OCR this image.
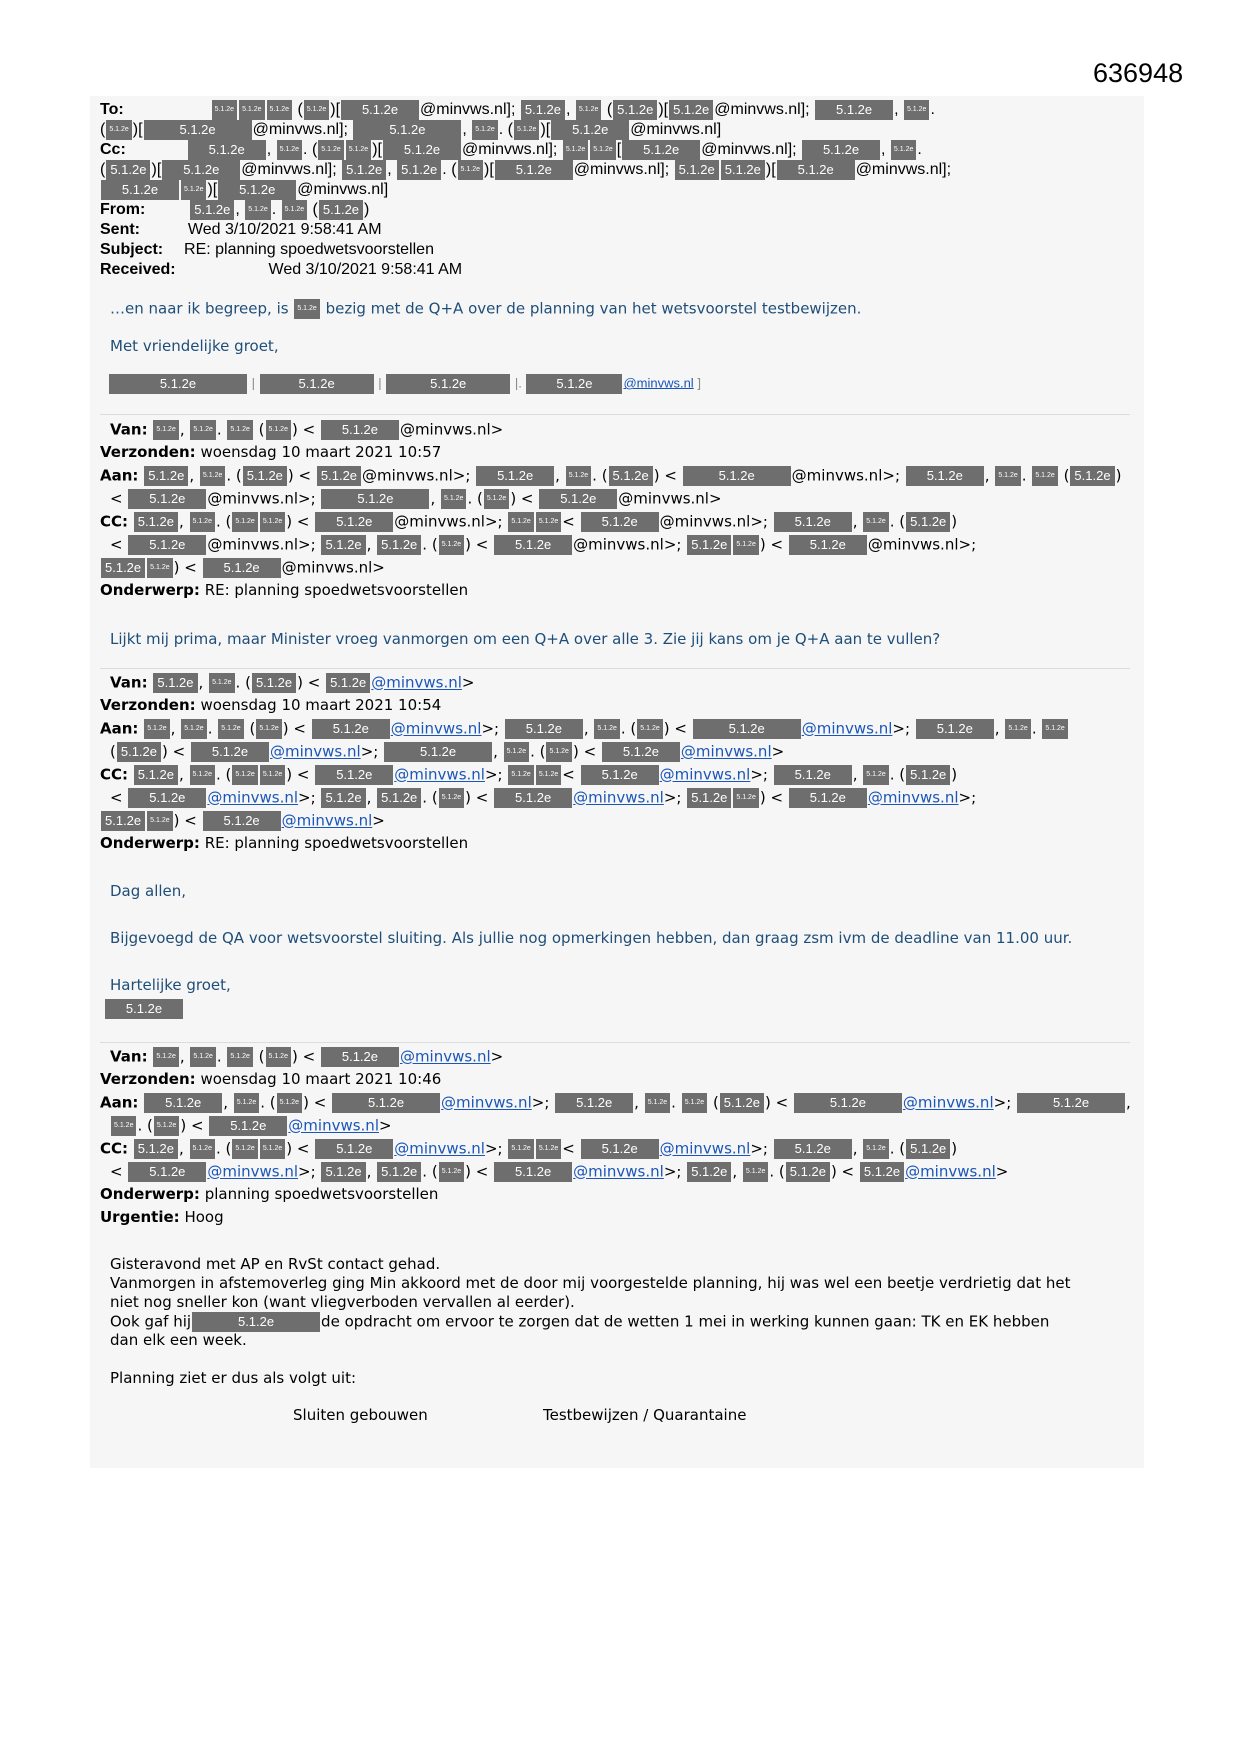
636948
To:	5.1.2e 5.1.2e 5.1.2e ( 5.1.2e )[ 5.1.2e @minvws.nl]; 5.1.2e , 5.1.2e ( 5.1.2e )[ 5.1.2e @minvws.nl]; 5.1.2e , 5.1.2e .
( 5.1.2e )[	5.1.2e @minvws.nl];	5.1.2e , 5.1.2e . ( 5.1.2e )[ 5.1.2e @minvws.nl]
Cc:	5.1.2e , 5.1.2e . ( 5.1.2e 5.1.2e )[ 5.1.2e @minvws.nl]; 5.1.2e 5.1.2e [ 5.1.2e @minvws.nl]; 5.1.2e , 5.1.2e .
( 5.1.2e )[ 5.1.2e @minvws.nl]; 5.1.2e , 5.1.2e . ( 5.1.2e )[ 5.1.2e @minvws.nl]; 5.1.2e 5.1.2e )[ 5.1.2e @minvws.nl];
5.1.2e	5.1.2e )[ 5.1.2e @minvws.nl]
From:	5.1.2e , 5.1.2e . 5.1.2e ( 5.1.2e )
Sent:	Wed 3/10/2021 9:58:41 AM
Subject: RE: planning spoedwetsvoorstellen
Received:	Wed 3/10/2021 9:58:41 AM
…en naar ik begreep, is 5.1.2e bezig met de Q+A over de planning van het wetsvoorstel testbewijzen.
Met vriendelijke groet,
5.1.2e	|	5.1.2e	|	5.1.2e	|. 5.1.2e @minvws.nl ]
Van: 5.1.2e , 5.1.2e . 5.1.2e ( 5.1.2e ) < 5.1.2e @minvws.nl>
Verzonden: woensdag 10 maart 2021 10:57
Aan: 5.1.2e , 5.1.2e . ( 5.1.2e ) < 5.1.2e @minvws.nl>; 5.1.2e , 5.1.2e . ( 5.1.2e ) <	5.1.2e @minvws.nl>; 5.1.2e , 5.1.2e . 5.1.2e ( 5.1.2e )
< 5.1.2e @minvws.nl>;	5.1.2e , 5.1.2e . ( 5.1.2e ) < 5.1.2e @minvws.nl>
CC: 5.1.2e , 5.1.2e . ( 5.1.2e 5.1.2e ) < 5.1.2e @minvws.nl>; 5.1.2e 5.1.2e < 5.1.2e @minvws.nl>; 5.1.2e , 5.1.2e . ( 5.1.2e )
< 5.1.2e @minvws.nl>; 5.1.2e , 5.1.2e . ( 5.1.2e ) < 5.1.2e @minvws.nl>; 5.1.2e 5.1.2e ) < 5.1.2e @minvws.nl>;
5.1.2e 5.1.2e ) < 5.1.2e @minvws.nl>
Onderwerp: RE: planning spoedwetsvoorstellen
Lijkt mij prima, maar Minister vroeg vanmorgen om een Q+A over alle 3. Zie jij kans om je Q+A aan te vullen?
Van: 5.1.2e , 5.1.2e . ( 5.1.2e ) < 5.1.2e @minvws.nl>
Verzonden: woensdag 10 maart 2021 10:54
Aan: 5.1.2e , 5.1.2e . 5.1.2e ( 5.1.2e ) < 5.1.2e @minvws.nl>; 5.1.2e , 5.1.2e . ( 5.1.2e ) <	5.1.2e @minvws.nl>; 5.1.2e , 5.1.2e . 5.1.2e
( 5.1.2e ) < 5.1.2e @minvws.nl>;	5.1.2e , 5.1.2e . ( 5.1.2e ) < 5.1.2e @minvws.nl>
CC: 5.1.2e , 5.1.2e . ( 5.1.2e 5.1.2e ) < 5.1.2e @minvws.nl>; 5.1.2e 5.1.2e < 5.1.2e @minvws.nl>; 5.1.2e , 5.1.2e . ( 5.1.2e )
< 5.1.2e @minvws.nl>; 5.1.2e , 5.1.2e . ( 5.1.2e ) < 5.1.2e @minvws.nl>; 5.1.2e 5.1.2e ) < 5.1.2e @minvws.nl>;
5.1.2e 5.1.2e ) < 5.1.2e @minvws.nl>
Onderwerp: RE: planning spoedwetsvoorstellen
Dag allen,
Bijgevoegd de QA voor wetsvoorstel sluiting. Als jullie nog opmerkingen hebben, dan graag zsm ivm de deadline van 11.00 uur.
Hartelijke groet,
5.1.2e
Van: 5.1.2e , 5.1.2e . 5.1.2e ( 5.1.2e ) < 5.1.2e @minvws.nl>
Verzonden: woensdag 10 maart 2021 10:46
Aan: 5.1.2e , 5.1.2e . ( 5.1.2e ) <	5.1.2e @minvws.nl>; 5.1.2e , 5.1.2e . 5.1.2e ( 5.1.2e ) <	5.1.2e @minvws.nl>;	5.1.2e ,
5.1.2e . ( 5.1.2e ) < 5.1.2e @minvws.nl>
CC: 5.1.2e , 5.1.2e . ( 5.1.2e 5.1.2e ) < 5.1.2e @minvws.nl>; 5.1.2e 5.1.2e < 5.1.2e @minvws.nl>; 5.1.2e , 5.1.2e . ( 5.1.2e )
< 5.1.2e @minvws.nl>; 5.1.2e , 5.1.2e . ( 5.1.2e ) < 5.1.2e @minvws.nl>; 5.1.2e , 5.1.2e . ( 5.1.2e ) < 5.1.2e @minvws.nl>
Onderwerp: planning spoedwetsvoorstellen
Urgentie: Hoog
Gisteravond met AP en RvSt contact gehad.
Vanmorgen in afstemoverleg ging Min akkoord met de door mij voorgestelde planning, hij was wel een beetje verdrietig dat het
niet nog sneller kon (want vliegverboden vervallen al eerder).
Ook gaf hij	5.1.2e	de opdracht om ervoor te zorgen dat de wetten 1 mei in werking kunnen gaan: TK en EK hebben
dan elk een week.
Planning ziet er dus als volgt uit:
Sluiten gebouwen	Testbewijzen / Quarantaine
